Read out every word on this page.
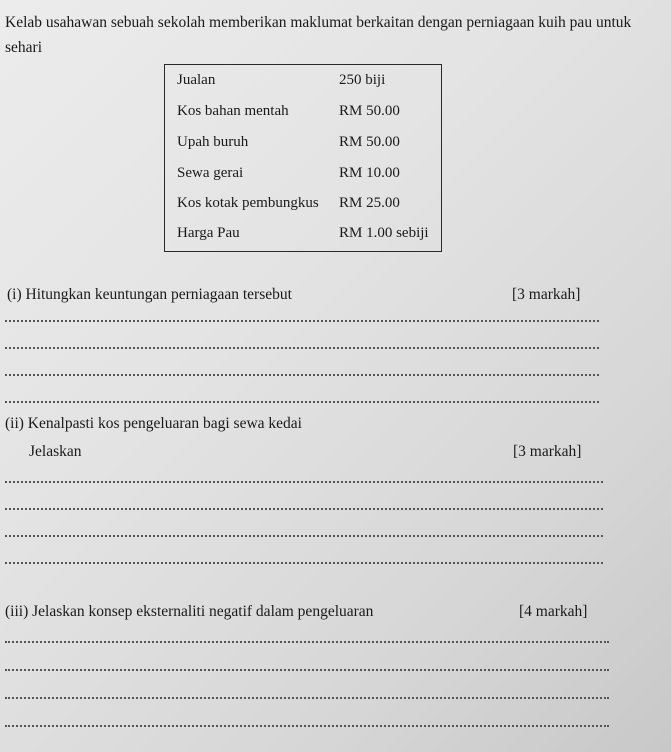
Kelab usahawan sebuah sekolah memberikan maklumat berkaitan dengan perniagaan kuih pau untuk sehari

Jualan	250 biji
Kos bahan mentah	RM 50.00
Upah buruh	RM 50.00
Sewa gerai	RM 10.00
Kos kotak pembungkus RM 25.00
Harga Pau	RM 1.00 sebiji
(i) Hitungkan keuntungan perniagaan tersebut	[3 markah]
(ii) Kenalpasti kos pengeluaran bagi sewa kedai
Jelaskan	[3 markah]
(iii) Jelaskan konsep eksternaliti negatif dalam pengeluaran	[4 markah]
